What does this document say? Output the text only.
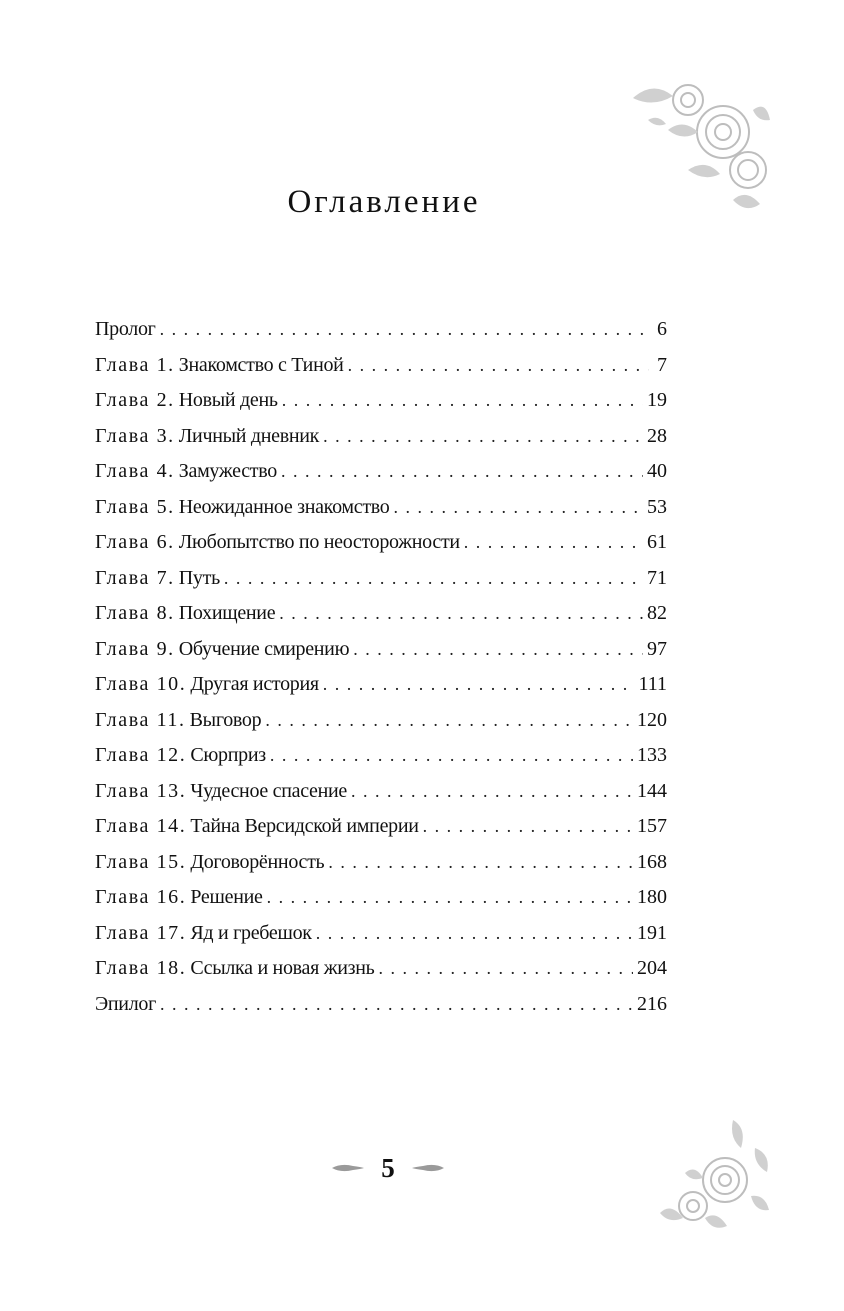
Оглавление
Пролог . . .	6
Глава 1. Знакомство с Тиной . . .	7
Глава 2. Новый день . . .	19
Глава 3. Личный дневник . . .	28
Глава 4. Замужество . . .	40
Глава 5. Неожиданное знакомство . . .	53
Глава 6. Любопытство по неосторожности . . .	61
Глава 7. Путь . . .	71
Глава 8. Похищение . . .	82
Глава 9. Обучение смирению . . .	97
Глава 10. Другая история . . .	111
Глава 11. Выговор . . .	120
Глава 12. Сюрприз . . .	133
Глава 13. Чудесное спасение . . .	144
Глава 14. Тайна Версидской империи . . .	157
Глава 15. Договорённость . . .	168
Глава 16. Решение . . .	180
Глава 17. Яд и гребешок . . .	191
Глава 18. Ссылка и новая жизнь . . .	204
Эпилог . . .	216
5
